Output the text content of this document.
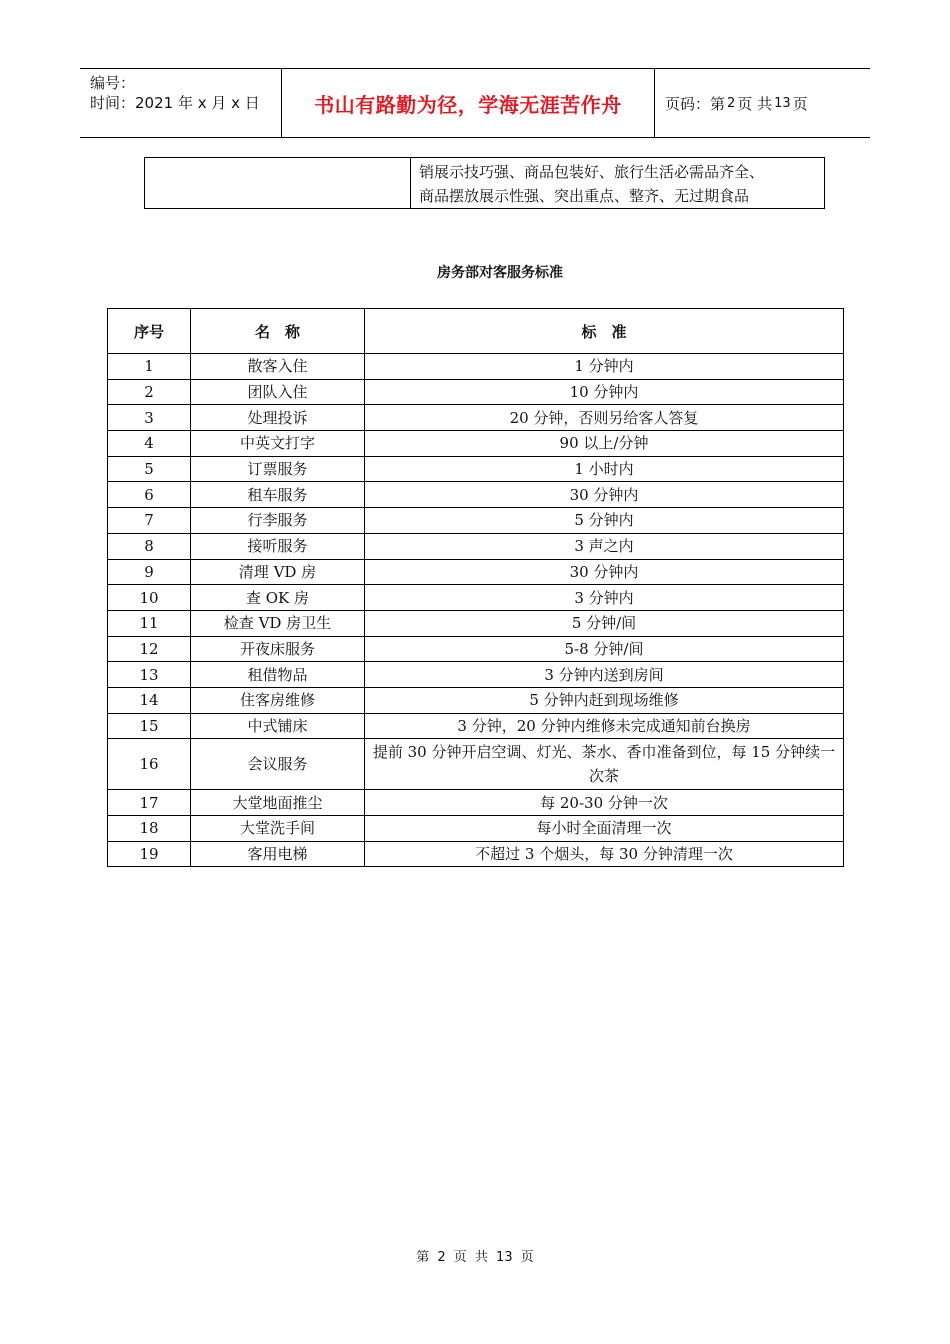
编号：
时间：2021 年 x 月 x 日	书山有路勤为径，学海无涯苦作舟	页码：第 2 页 共 13 页
销展示技巧强、商品包装好、旅行生活必需品齐全、
商品摆放展示性强、突出重点、整齐、无过期食品
房务部对客服务标准
序号	名　称	标　准
1	散客入住	1 分钟内
2	团队入住	10 分钟内
3	处理投诉	20 分钟，否则另给客人答复
4	中英文打字	90 以上/分钟
5	订票服务	1 小时内
6	租车服务	30 分钟内
7	行李服务	5 分钟内
8	接听服务	3 声之内
9	清理 VD 房	30 分钟内
10	查 OK 房	3 分钟内
11	检查 VD 房卫生	5 分钟/间
12	开夜床服务	5-8 分钟/间
13	租借物品	3 分钟内送到房间
14	住客房维修	5 分钟内赶到现场维修
15	中式铺床	3 分钟，20 分钟内维修未完成通知前台换房
16	会议服务	提前 30 分钟开启空调、灯光、茶水、香巾准备到位，每 15 分钟续一次茶
17	大堂地面推尘	每 20-30 分钟一次
18	大堂洗手间	每小时全面清理一次
19	客用电梯	不超过 3 个烟头，每 30 分钟清理一次
第 2 页 共 13 页
